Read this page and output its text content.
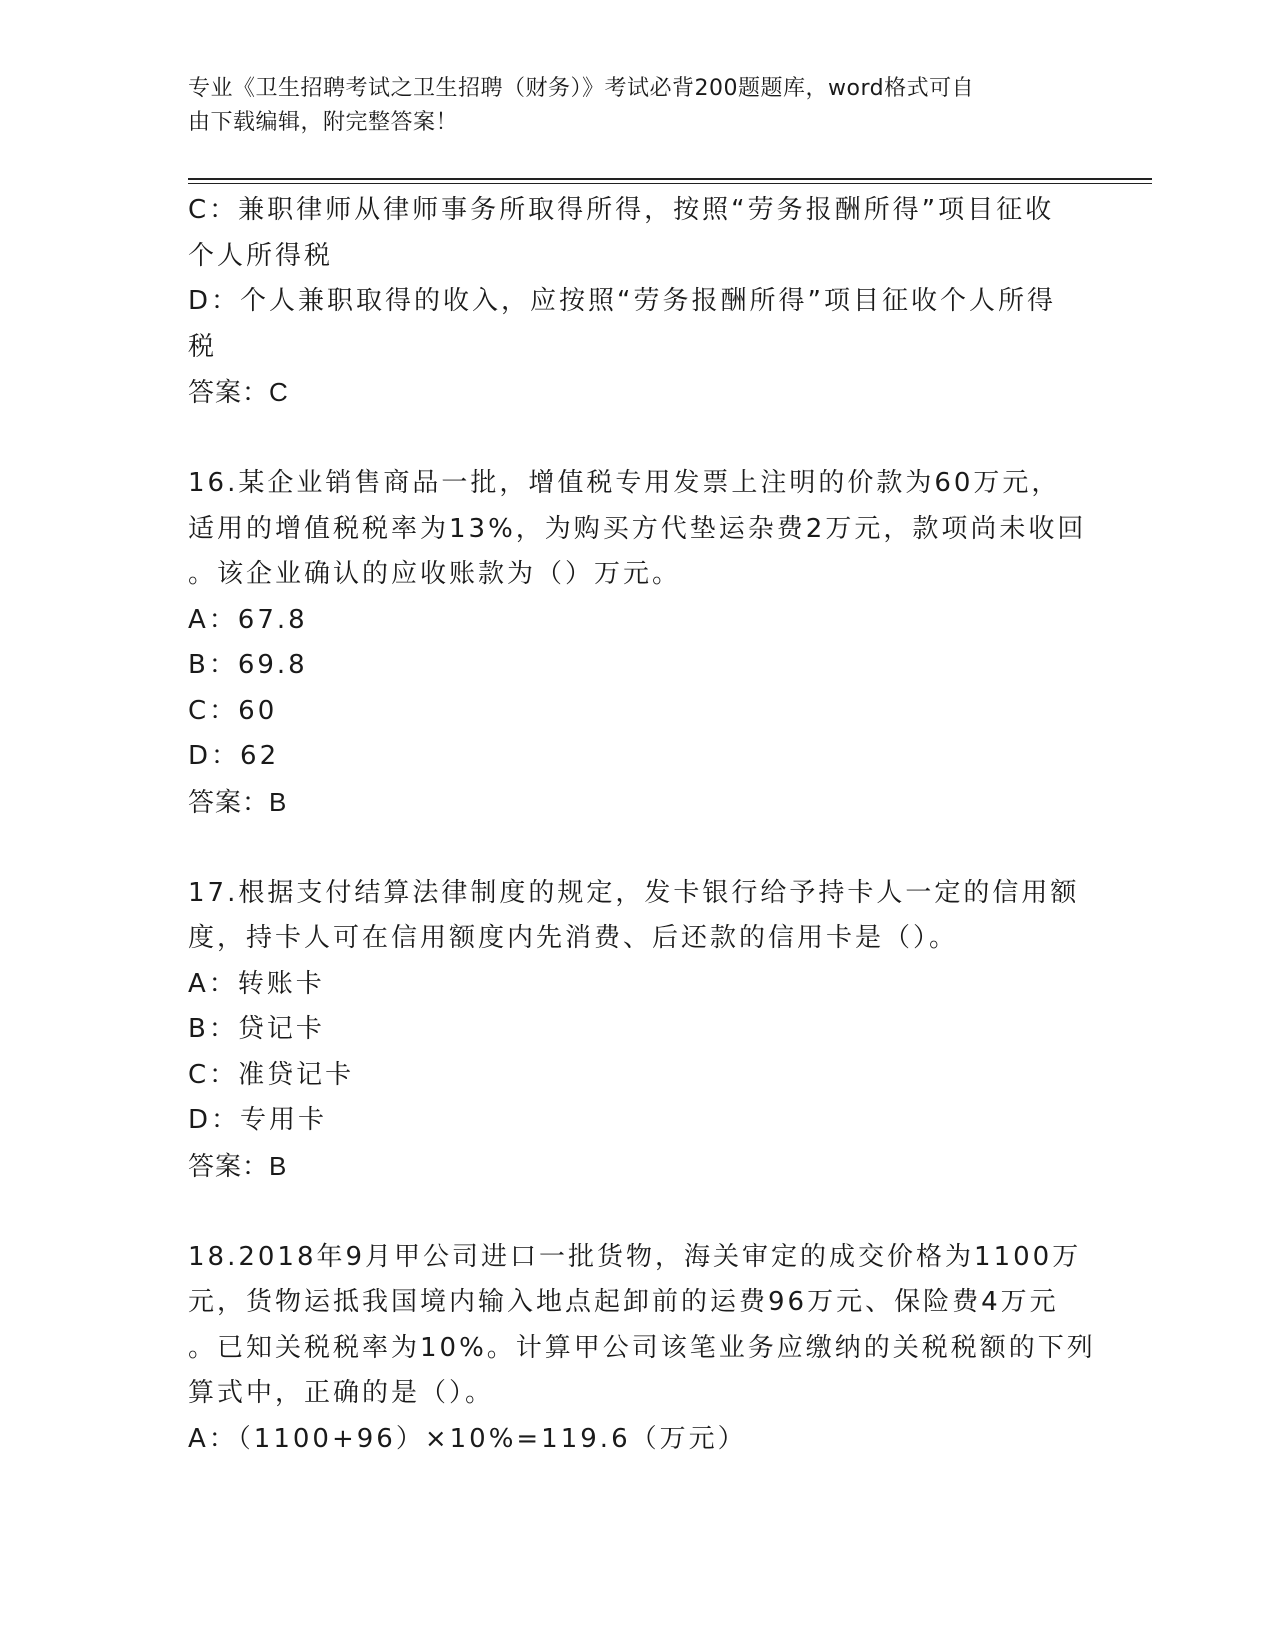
专业《卫生招聘考试之卫生招聘（财务）》考试必背200题题库，word格式可自
由下载编辑，附完整答案！
C：兼职律师从律师事务所取得所得，按照“劳务报酬所得”项目征收
个人所得税
D：个人兼职取得的收入，应按照“劳务报酬所得”项目征收个人所得
税
答案：C
16.某企业销售商品一批，增值税专用发票上注明的价款为60万元，
适用的增值税税率为13%，为购买方代垫运杂费2万元，款项尚未收回
。该企业确认的应收账款为（）万元。
A：67.8
B：69.8
C：60
D：62
答案：B
17.根据支付结算法律制度的规定，发卡银行给予持卡人一定的信用额
度，持卡人可在信用额度内先消费、后还款的信用卡是（）。
A：转账卡
B：贷记卡
C：准贷记卡
D：专用卡
答案：B
18.2018年9月甲公司进口一批货物，海关审定的成交价格为1100万
元，货物运抵我国境内输入地点起卸前的运费96万元、保险费4万元
。已知关税税率为10%。计算甲公司该笔业务应缴纳的关税税额的下列
算式中，正确的是（）。
A：（1100+96）×10%=119.6（万元）
